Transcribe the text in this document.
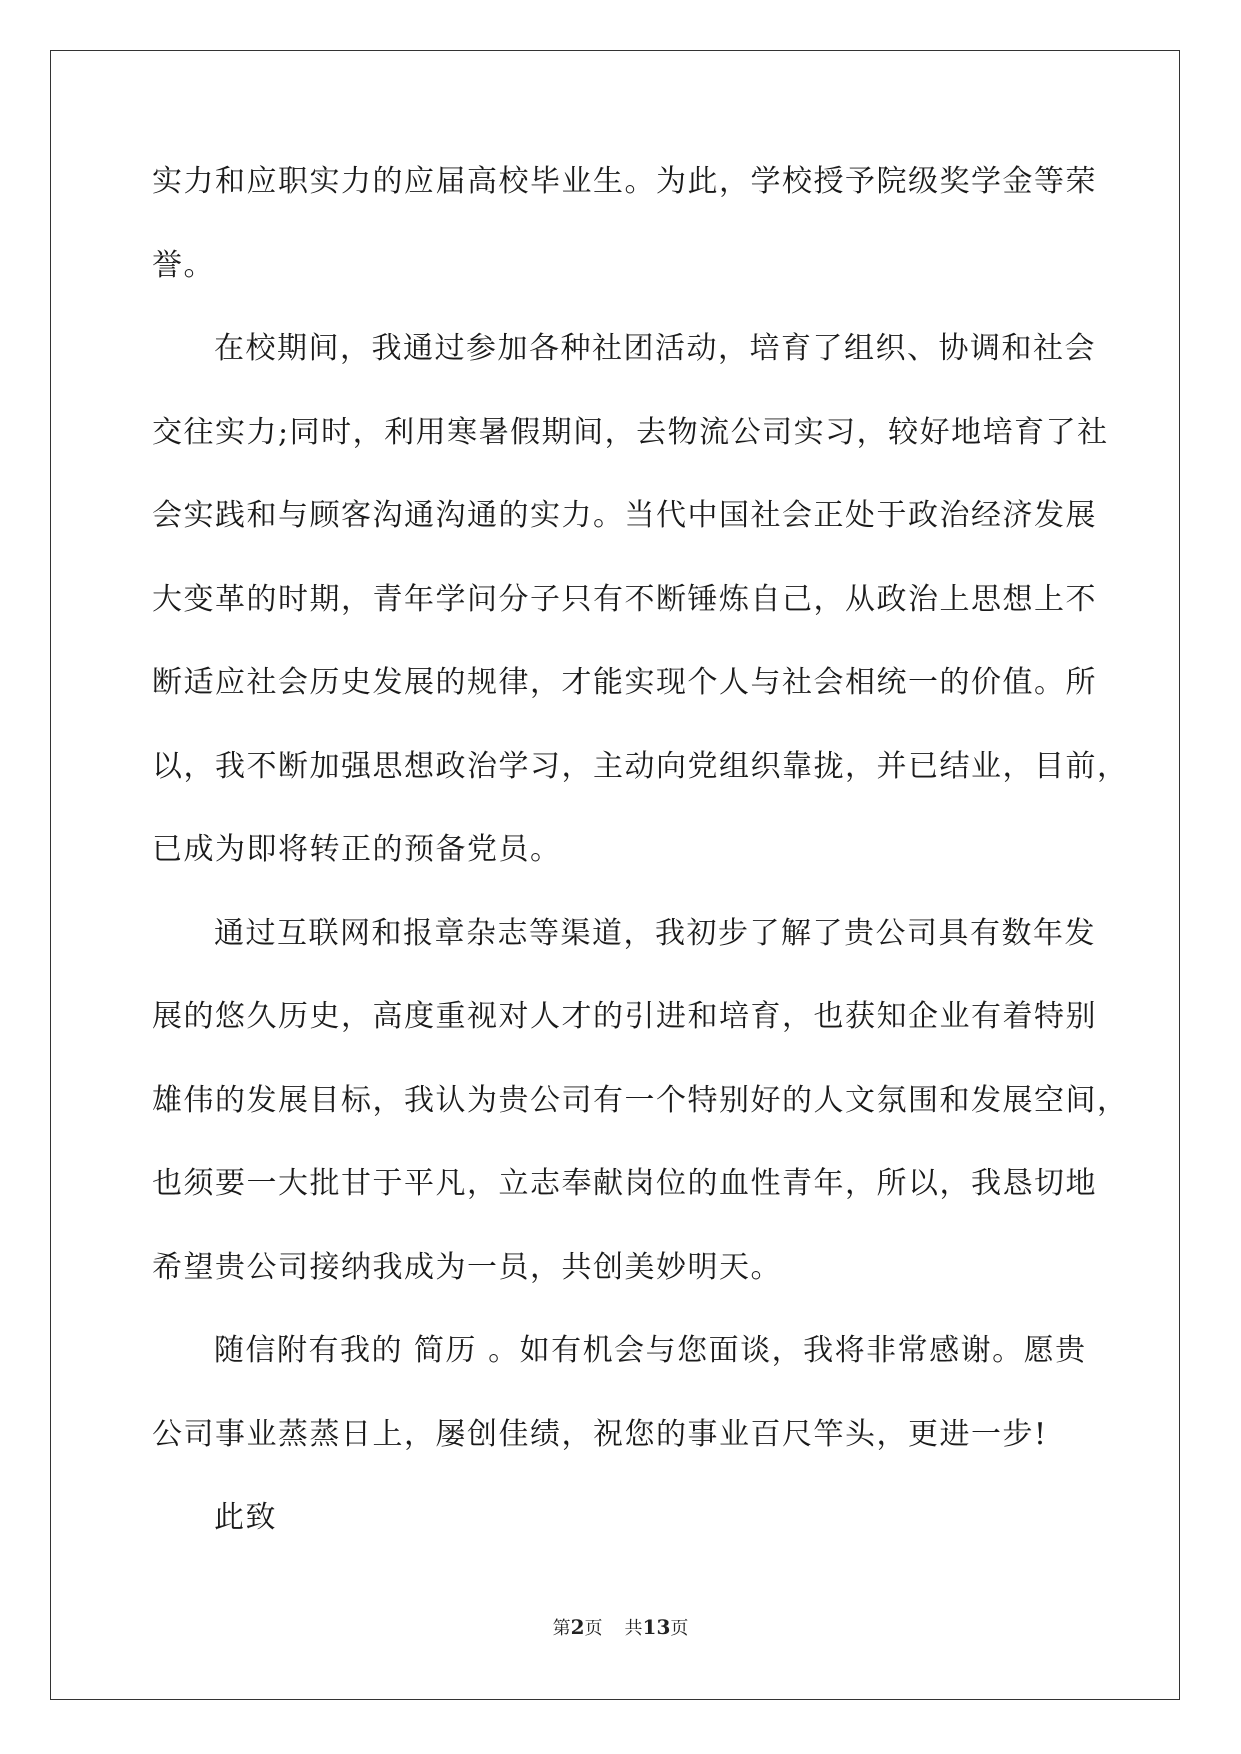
实力和应职实力的应届高校毕业生。为此，学校授予院级奖学金等荣
誉。
在校期间，我通过参加各种社团活动，培育了组织、协调和社会
交往实力;同时，利用寒暑假期间，去物流公司实习，较好地培育了社
会实践和与顾客沟通沟通的实力。当代中国社会正处于政治经济发展
大变革的时期，青年学问分子只有不断锤炼自己，从政治上思想上不
断适应社会历史发展的规律，才能实现个人与社会相统一的价值。所
以，我不断加强思想政治学习，主动向党组织靠拢，并已结业，目前，
已成为即将转正的预备党员。
通过互联网和报章杂志等渠道，我初步了解了贵公司具有数年发
展的悠久历史，高度重视对人才的引进和培育，也获知企业有着特别
雄伟的发展目标，我认为贵公司有一个特别好的人文氛围和发展空间，
也须要一大批甘于平凡，立志奉献岗位的血性青年，所以，我恳切地
希望贵公司接纳我成为一员，共创美妙明天。
随信附有我的 简历 。如有机会与您面谈，我将非常感谢。愿贵
公司事业蒸蒸日上，屡创佳绩，祝您的事业百尺竿头，更进一步!
此致
第2页 共13页
